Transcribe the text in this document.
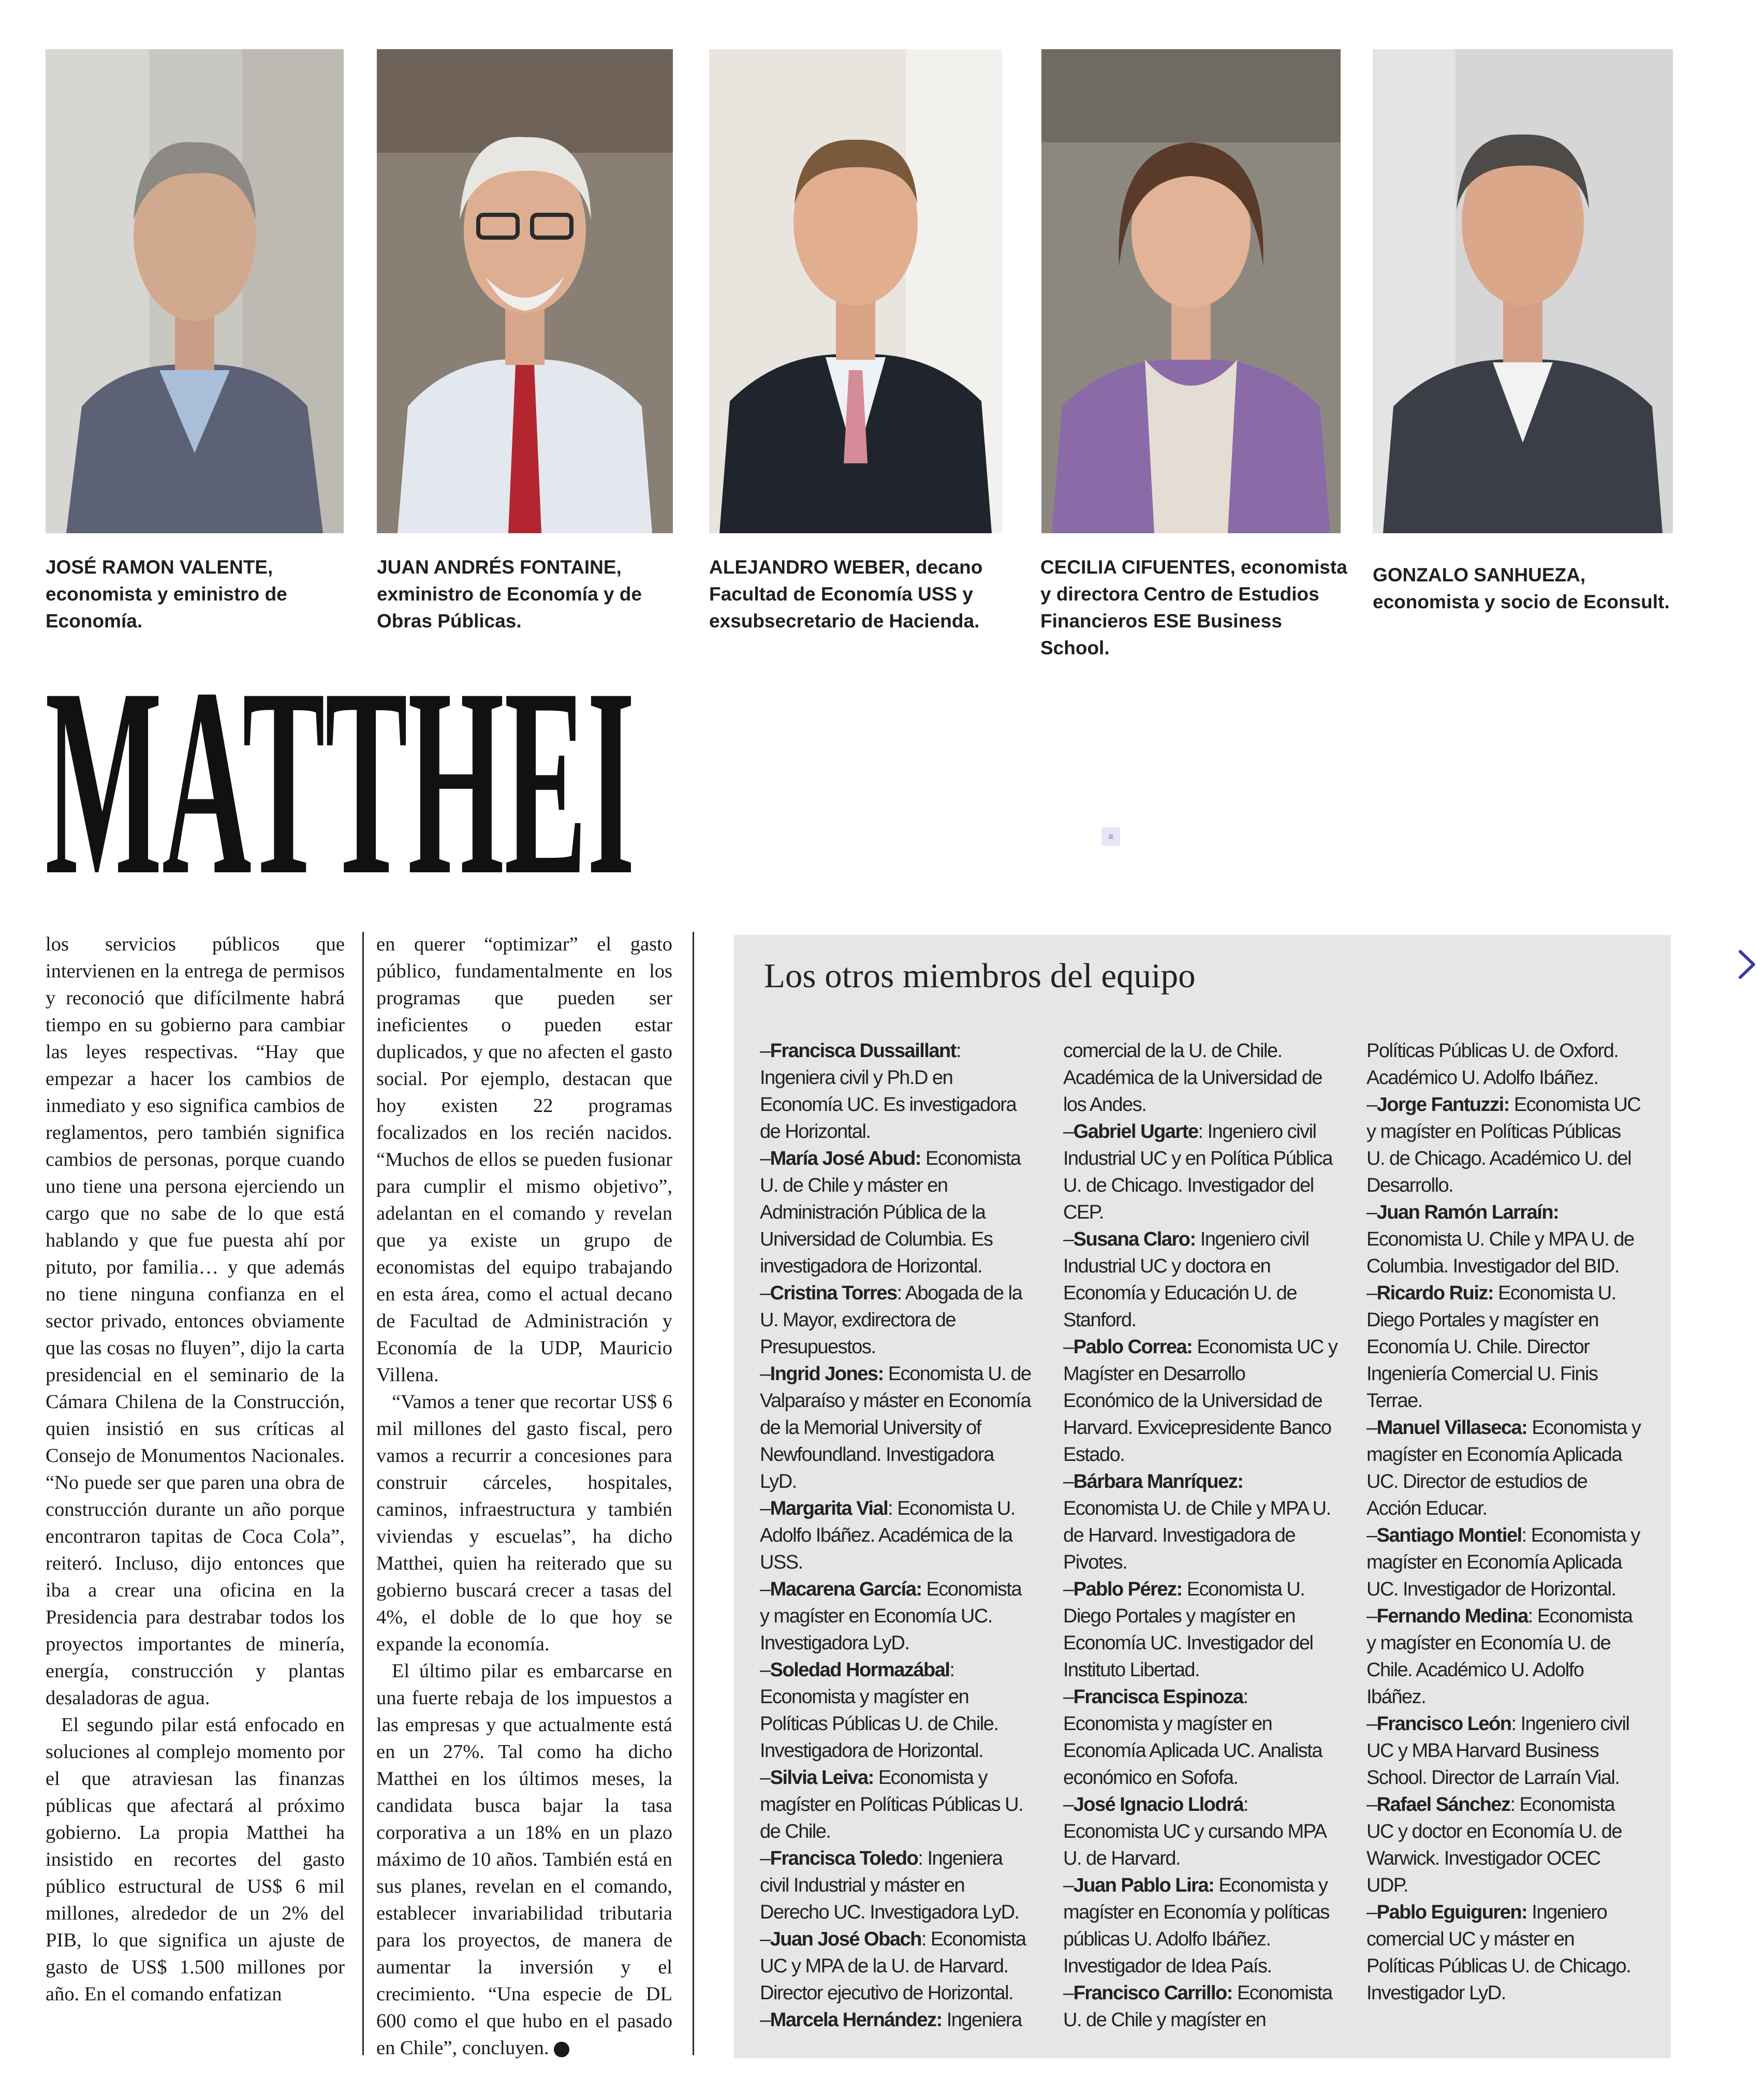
JOSÉ RAMON VALENTE,
economista y eministro de Economía.
JUAN ANDRÉS FONTAINE,
exministro de Economía y de Obras Públicas.
ALEJANDRO WEBER, decano Facultad de Economía USS y exsubsecretario de Hacienda.
CECILIA CIFUENTES, economista y directora Centro de Estudios Financieros ESE Business School.
GONZALO SANHUEZA,
economista y socio de Econsult.
MATTHEI	≡

los servicios públicos que intervienen en la entrega de permisos y reconoció que difícilmente habrá tiempo en su gobierno para cambiar las leyes respectivas. “Hay que empezar a hacer los cambios de inmediato y eso significa cambios de reglamentos, pero también significa cambios de personas, porque cuando uno tiene una persona ejerciendo un cargo que no sabe de lo que está hablando y que fue puesta ahí por pituto, por familia… y que además no tiene ninguna confianza en el sector privado, entonces obviamente que las cosas no fluyen”, dijo la carta presidencial en el seminario de la Cámara Chilena de la Construcción, quien insistió en sus críticas al Consejo de Monumentos Nacionales. “No puede ser que paren una obra de construcción durante un año porque encontraron tapitas de Coca Cola”, reiteró. Incluso, dijo entonces que iba a crear una oficina en la Presidencia para destrabar todos los proyectos importantes de minería, energía, construcción y plantas desaladoras de agua.

El segundo pilar está enfocado en soluciones al complejo momento por el que atraviesan las finanzas públicas que afectará al próximo gobierno. La propia Matthei ha insistido en recortes del gasto público estructural de US$ 6 mil millones, alrededor de un 2% del PIB, lo que significa un ajuste de gasto de US$ 1.500 millones por año. En el comando enfatizan

en querer “optimizar” el gasto público, fundamentalmente en los programas que pueden ser ineficientes o pueden estar duplicados, y que no afecten el gasto social. Por ejemplo, destacan que hoy existen 22 programas focalizados en los recién nacidos. “Muchos de ellos se pueden fusionar para cumplir el mismo objetivo”, adelantan en el comando y revelan que ya existe un grupo de economistas del equipo trabajando en esta área, como el actual decano de Facultad de Administración y Economía de la UDP, Mauricio Villena.

“Vamos a tener que recortar US$ 6 mil millones del gasto fiscal, pero vamos a recurrir a concesiones para construir cárceles, hospitales, caminos, infraestructura y también viviendas y escuelas”, ha dicho Matthei, quien ha reiterado que su gobierno buscará crecer a tasas del 4%, el doble de lo que hoy se expande la economía.

El último pilar es embarcarse en una fuerte rebaja de los impuestos a las empresas y que actualmente está en un 27%. Tal como ha dicho Matthei en los últimos meses, la candidata busca bajar la tasa corporativa a un 18% en un plazo máximo de 10 años. También está en sus planes, revelan en el comando, establecer invariabilidad tributaria para los proyectos, de manera de aumentar la inversión y el crecimiento. “Una especie de DL 600 como el que hubo en el pasado en Chile”, concluyen. P

Los otros miembros del equipo
–Francisca Dussaillant: Ingeniera civil y Ph.D en Economía UC. Es investigadora de Horizontal.
–María José Abud: Economista U. de Chile y máster en Administración Pública de la Universidad de Columbia. Es investigadora de Horizontal.
–Cristina Torres: Abogada de la U. Mayor, exdirectora de Presupuestos.
–Ingrid Jones: Economista U. de Valparaíso y máster en Economía de la Memorial University of Newfoundland. Investigadora LyD.
–Margarita Vial: Economista U. Adolfo Ibáñez. Académica de la USS.
–Macarena García: Economista y magíster en Economía UC. Investigadora LyD.
–Soledad Hormazábal: Economista y magíster en Políticas Públicas U. de Chile. Investigadora de Horizontal.
–Silvia Leiva: Economista y magíster en Políticas Públicas U. de Chile.
–Francisca Toledo: Ingeniera civil Industrial y máster en Derecho UC. Investigadora LyD.
–Juan José Obach: Economista UC y MPA de la U. de Harvard. Director ejecutivo de Horizontal.
–Marcela Hernández: Ingeniera
comercial de la U. de Chile. Académica de la Universidad de los Andes.
–Gabriel Ugarte: Ingeniero civil Industrial UC y en Política Pública U. de Chicago. Investigador del CEP.
–Susana Claro: Ingeniero civil Industrial UC y doctora en Economía y Educación U. de Stanford.
–Pablo Correa: Economista UC y Magíster en Desarrollo Económico de la Universidad de Harvard. Exvicepresidente Banco Estado.
–Bárbara Manríquez: Economista U. de Chile y MPA U. de Harvard. Investigadora de Pivotes.
–Pablo Pérez: Economista U. Diego Portales y magíster en Economía UC. Investigador del Instituto Libertad.
–Francisca Espinoza: Economista y magíster en Economía Aplicada UC. Analista económico en Sofofa.
–José Ignacio Llodrá: Economista UC y cursando MPA U. de Harvard.
–Juan Pablo Lira: Economista y magíster en Economía y políticas públicas U. Adolfo Ibáñez. Investigador de Idea País.
–Francisco Carrillo: Economista U. de Chile y magíster en
Políticas Públicas U. de Oxford. Académico U. Adolfo Ibáñez.
–Jorge Fantuzzi: Economista UC y magíster en Políticas Públicas U. de Chicago. Académico U. del Desarrollo.
–Juan Ramón Larraín: Economista U. Chile y MPA U. de Columbia. Investigador del BID.
–Ricardo Ruiz: Economista U. Diego Portales y magíster en Economía U. Chile. Director Ingeniería Comercial U. Finis Terrae.
–Manuel Villaseca: Economista y magíster en Economía Aplicada UC. Director de estudios de Acción Educar.
–Santiago Montiel: Economista y magíster en Economía Aplicada UC. Investigador de Horizontal.
–Fernando Medina: Economista y magíster en Economía U. de Chile. Académico U. Adolfo Ibáñez.
–Francisco León: Ingeniero civil UC y MBA Harvard Business School. Director de Larraín Vial.
–Rafael Sánchez: Economista UC y doctor en Economía U. de Warwick. Investigador OCEC UDP.
–Pablo Eguiguren: Ingeniero comercial UC y máster en Políticas Públicas U. de Chicago. Investigador LyD.
